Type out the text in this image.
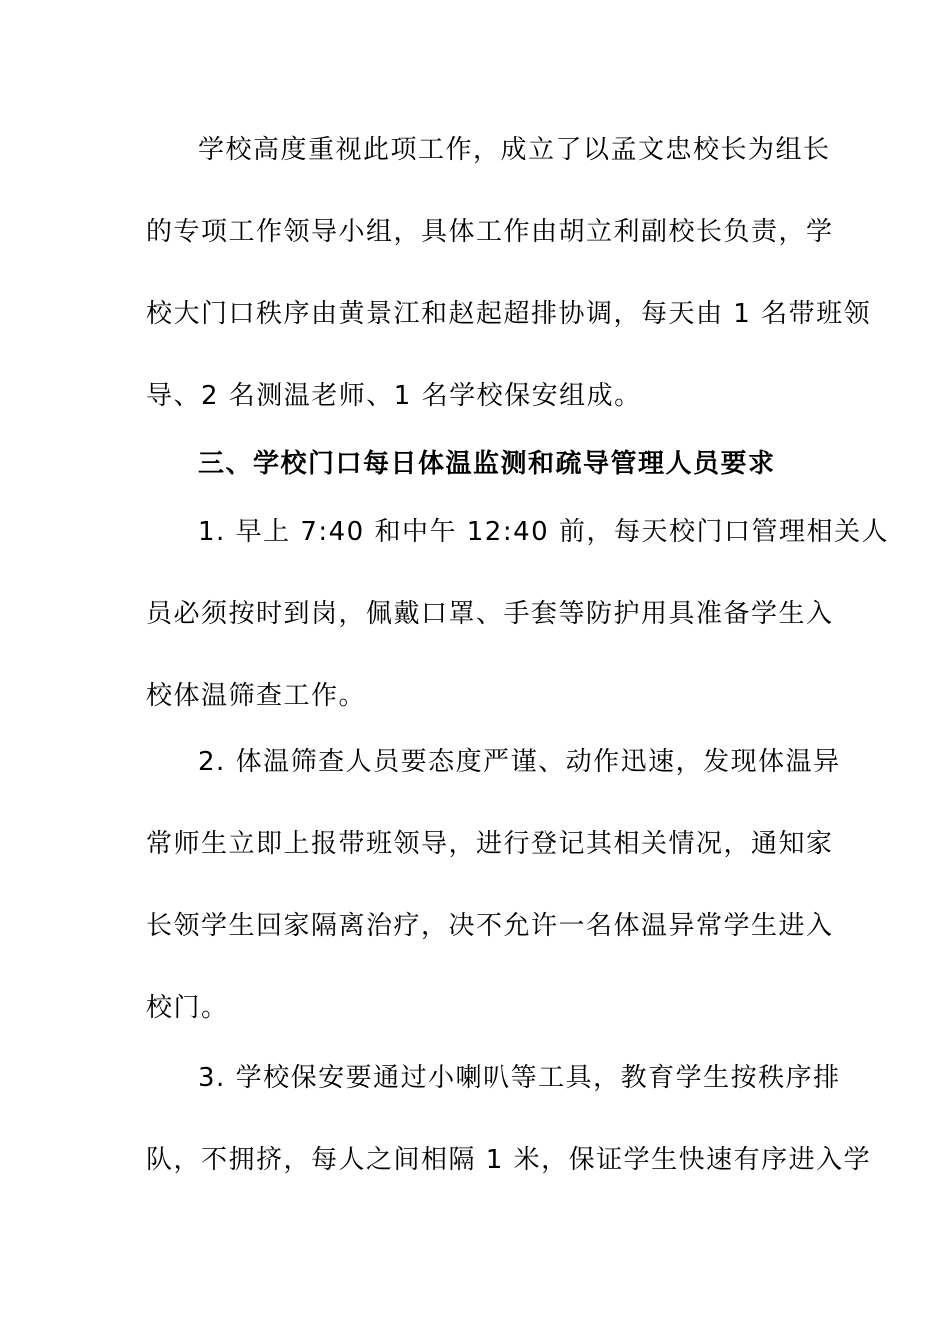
学校高度重视此项工作，成立了以孟文忠校长为组长
的专项工作领导小组，具体工作由胡立利副校长负责，学
校大门口秩序由黄景江和赵起超排协调，每天由 1 名带班领
导、2 名测温老师、1 名学校保安组成。
三、学校门口每日体温监测和疏导管理人员要求
1. 早上 7:40 和中午 12:40 前，每天校门口管理相关人
员必须按时到岗，佩戴口罩、手套等防护用具准备学生入
校体温筛查工作。
2. 体温筛查人员要态度严谨、动作迅速，发现体温异
常师生立即上报带班领导，进行登记其相关情况，通知家
长领学生回家隔离治疗，决不允许一名体温异常学生进入
校门。
3. 学校保安要通过小喇叭等工具，教育学生按秩序排
队，不拥挤，每人之间相隔 1 米，保证学生快速有序进入学
